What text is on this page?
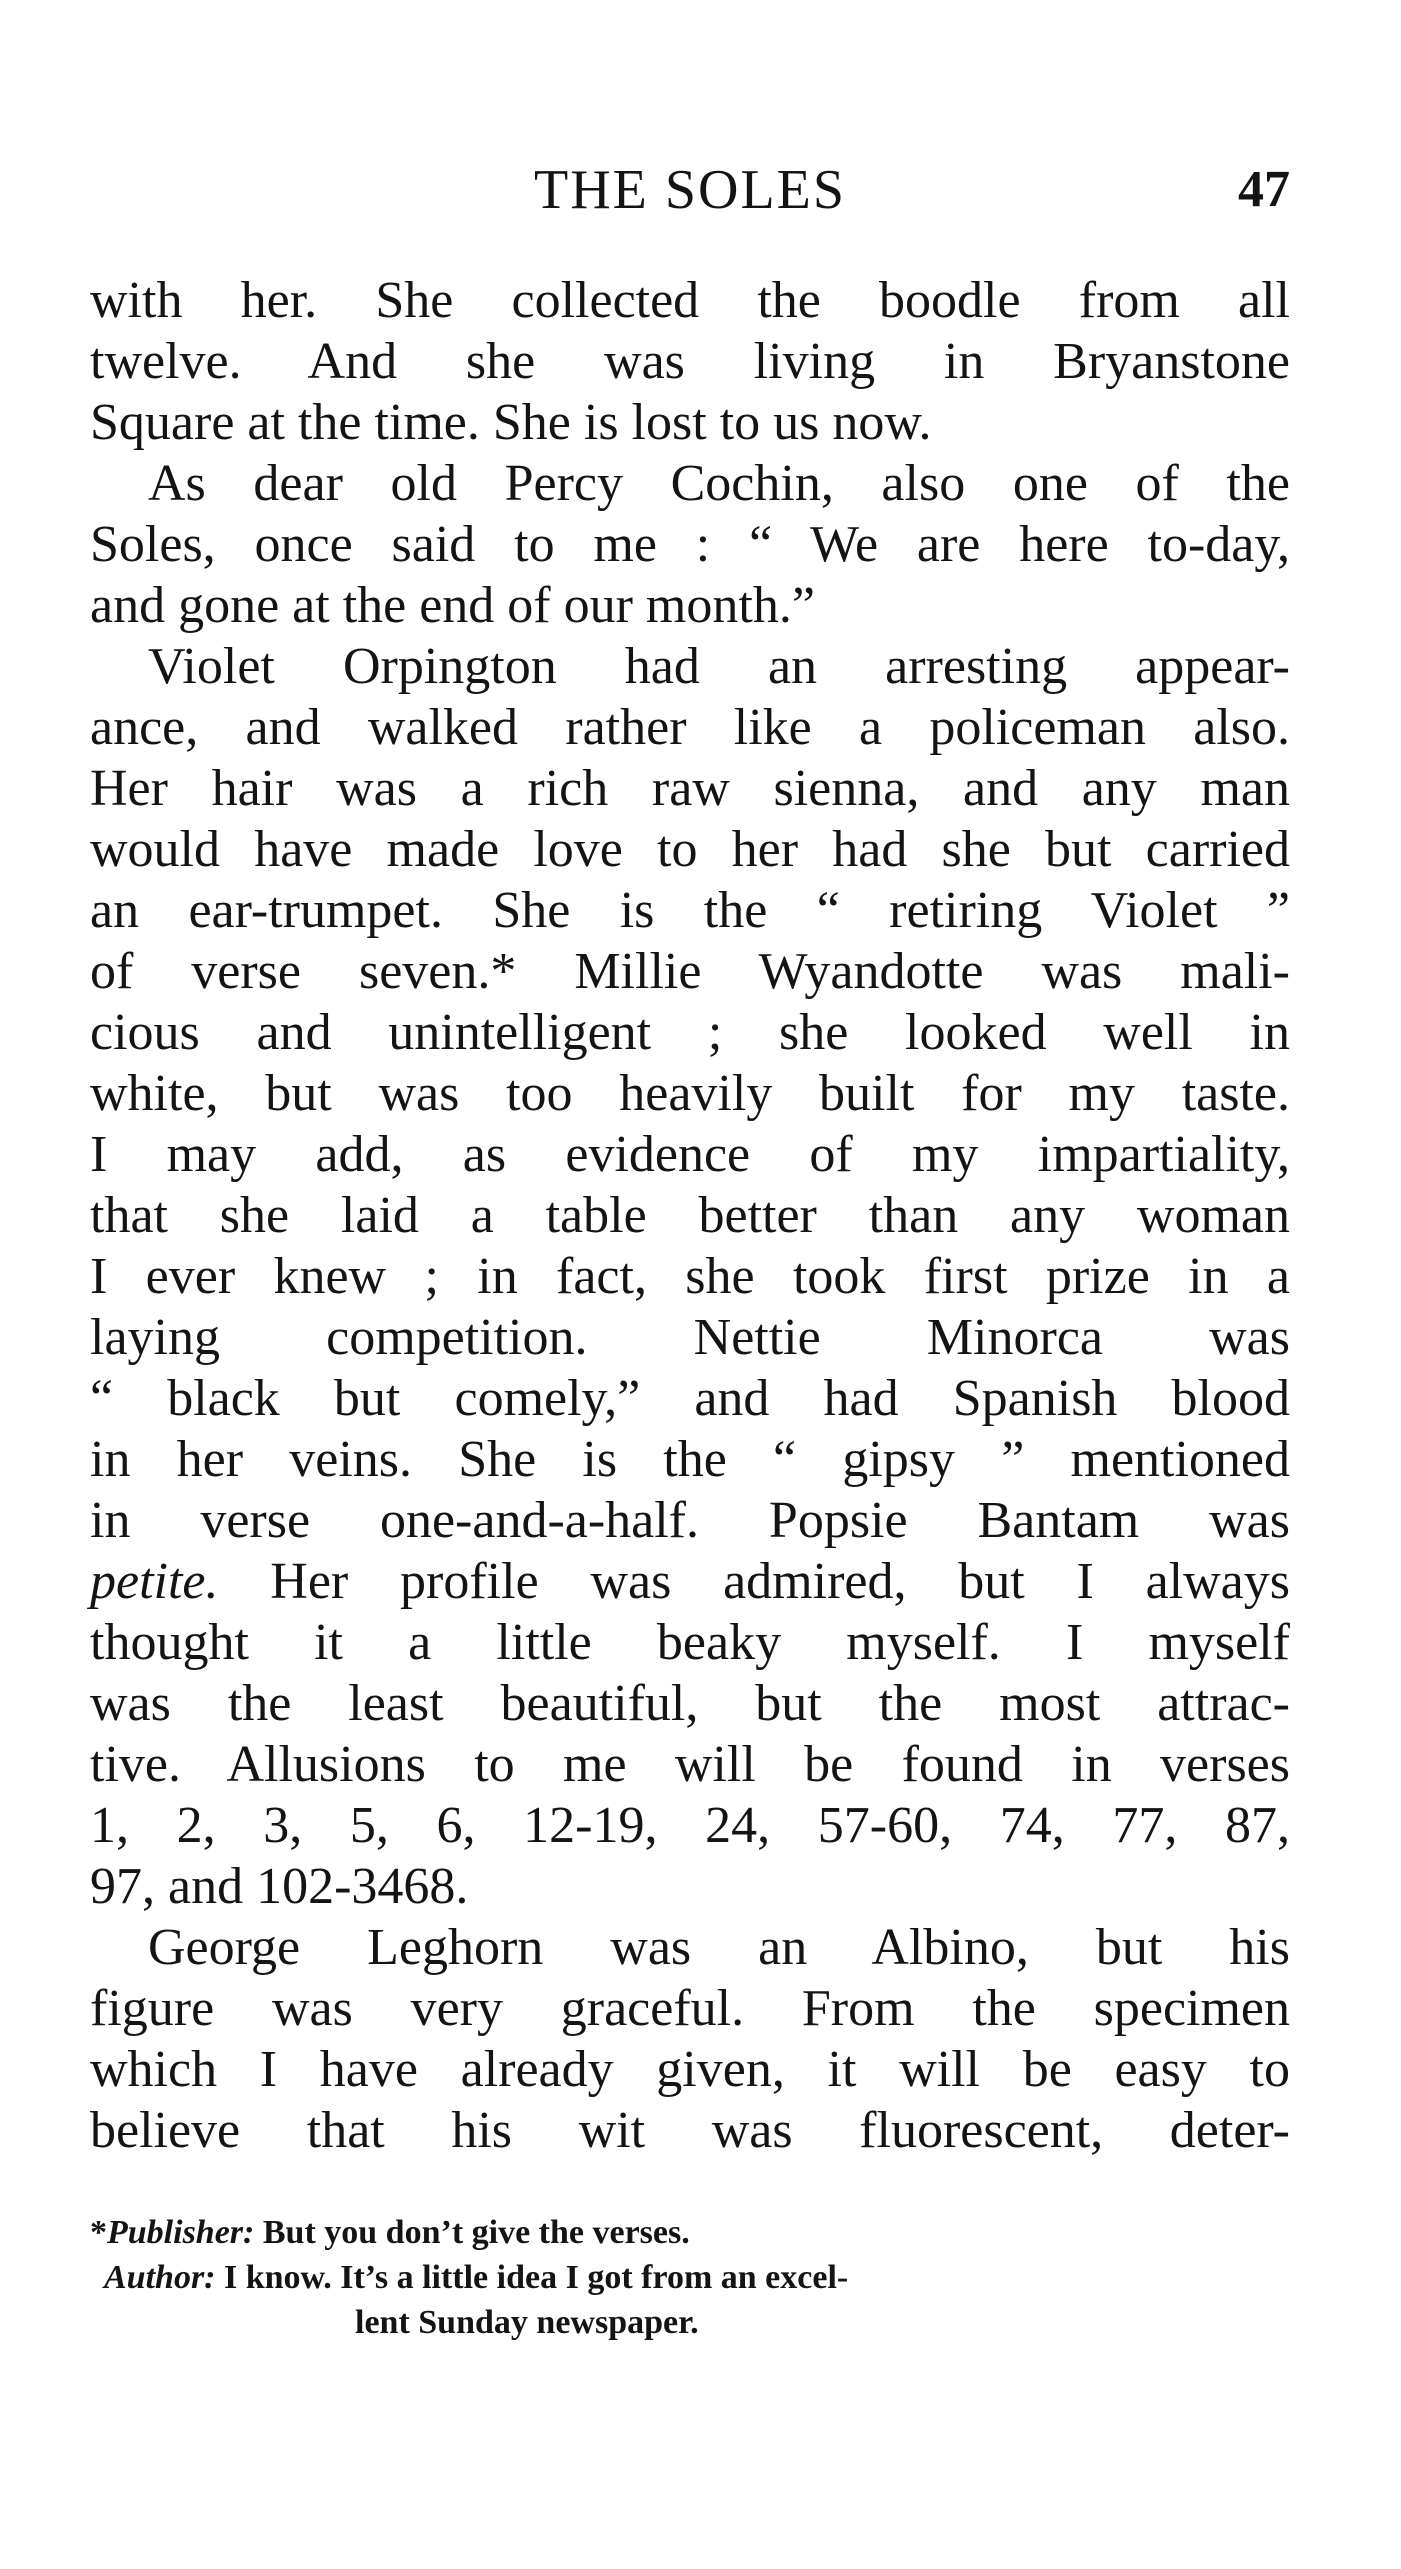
THE SOLES	47
with her. She collected the boodle from all
twelve. And she was living in Bryanstone
Square at the time. She is lost to us now.
As dear old Percy Cochin, also one of the
Soles, once said to me : “ We are here to-day,
and gone at the end of our month.”
Violet Orpington had an arresting appear-
ance, and walked rather like a policeman also.
Her hair was a rich raw sienna, and any man
would have made love to her had she but carried
an ear-trumpet. She is the “ retiring Violet ”
of verse seven.* Millie Wyandotte was mali-
cious and unintelligent ; she looked well in
white, but was too heavily built for my taste.
I may add, as evidence of my impartiality,
that she laid a table better than any woman
I ever knew ; in fact, she took first prize in a
laying competition. Nettie Minorca was
“ black but comely,” and had Spanish blood
in her veins. She is the “ gipsy ” mentioned
in verse one-and-a-half. Popsie Bantam was
petite. Her profile was admired, but I always
thought it a little beaky myself. I myself
was the least beautiful, but the most attrac-
tive. Allusions to me will be found in verses
1, 2, 3, 5, 6, 12-19, 24, 57-60, 74, 77, 87,
97, and 102-3468.
George Leghorn was an Albino, but his
figure was very graceful. From the specimen
which I have already given, it will be easy to
believe that his wit was fluorescent, deter-
*Publisher: But you don’t give the verses.
Author: I know. It’s a little idea I got from an excel-
lent Sunday newspaper.
